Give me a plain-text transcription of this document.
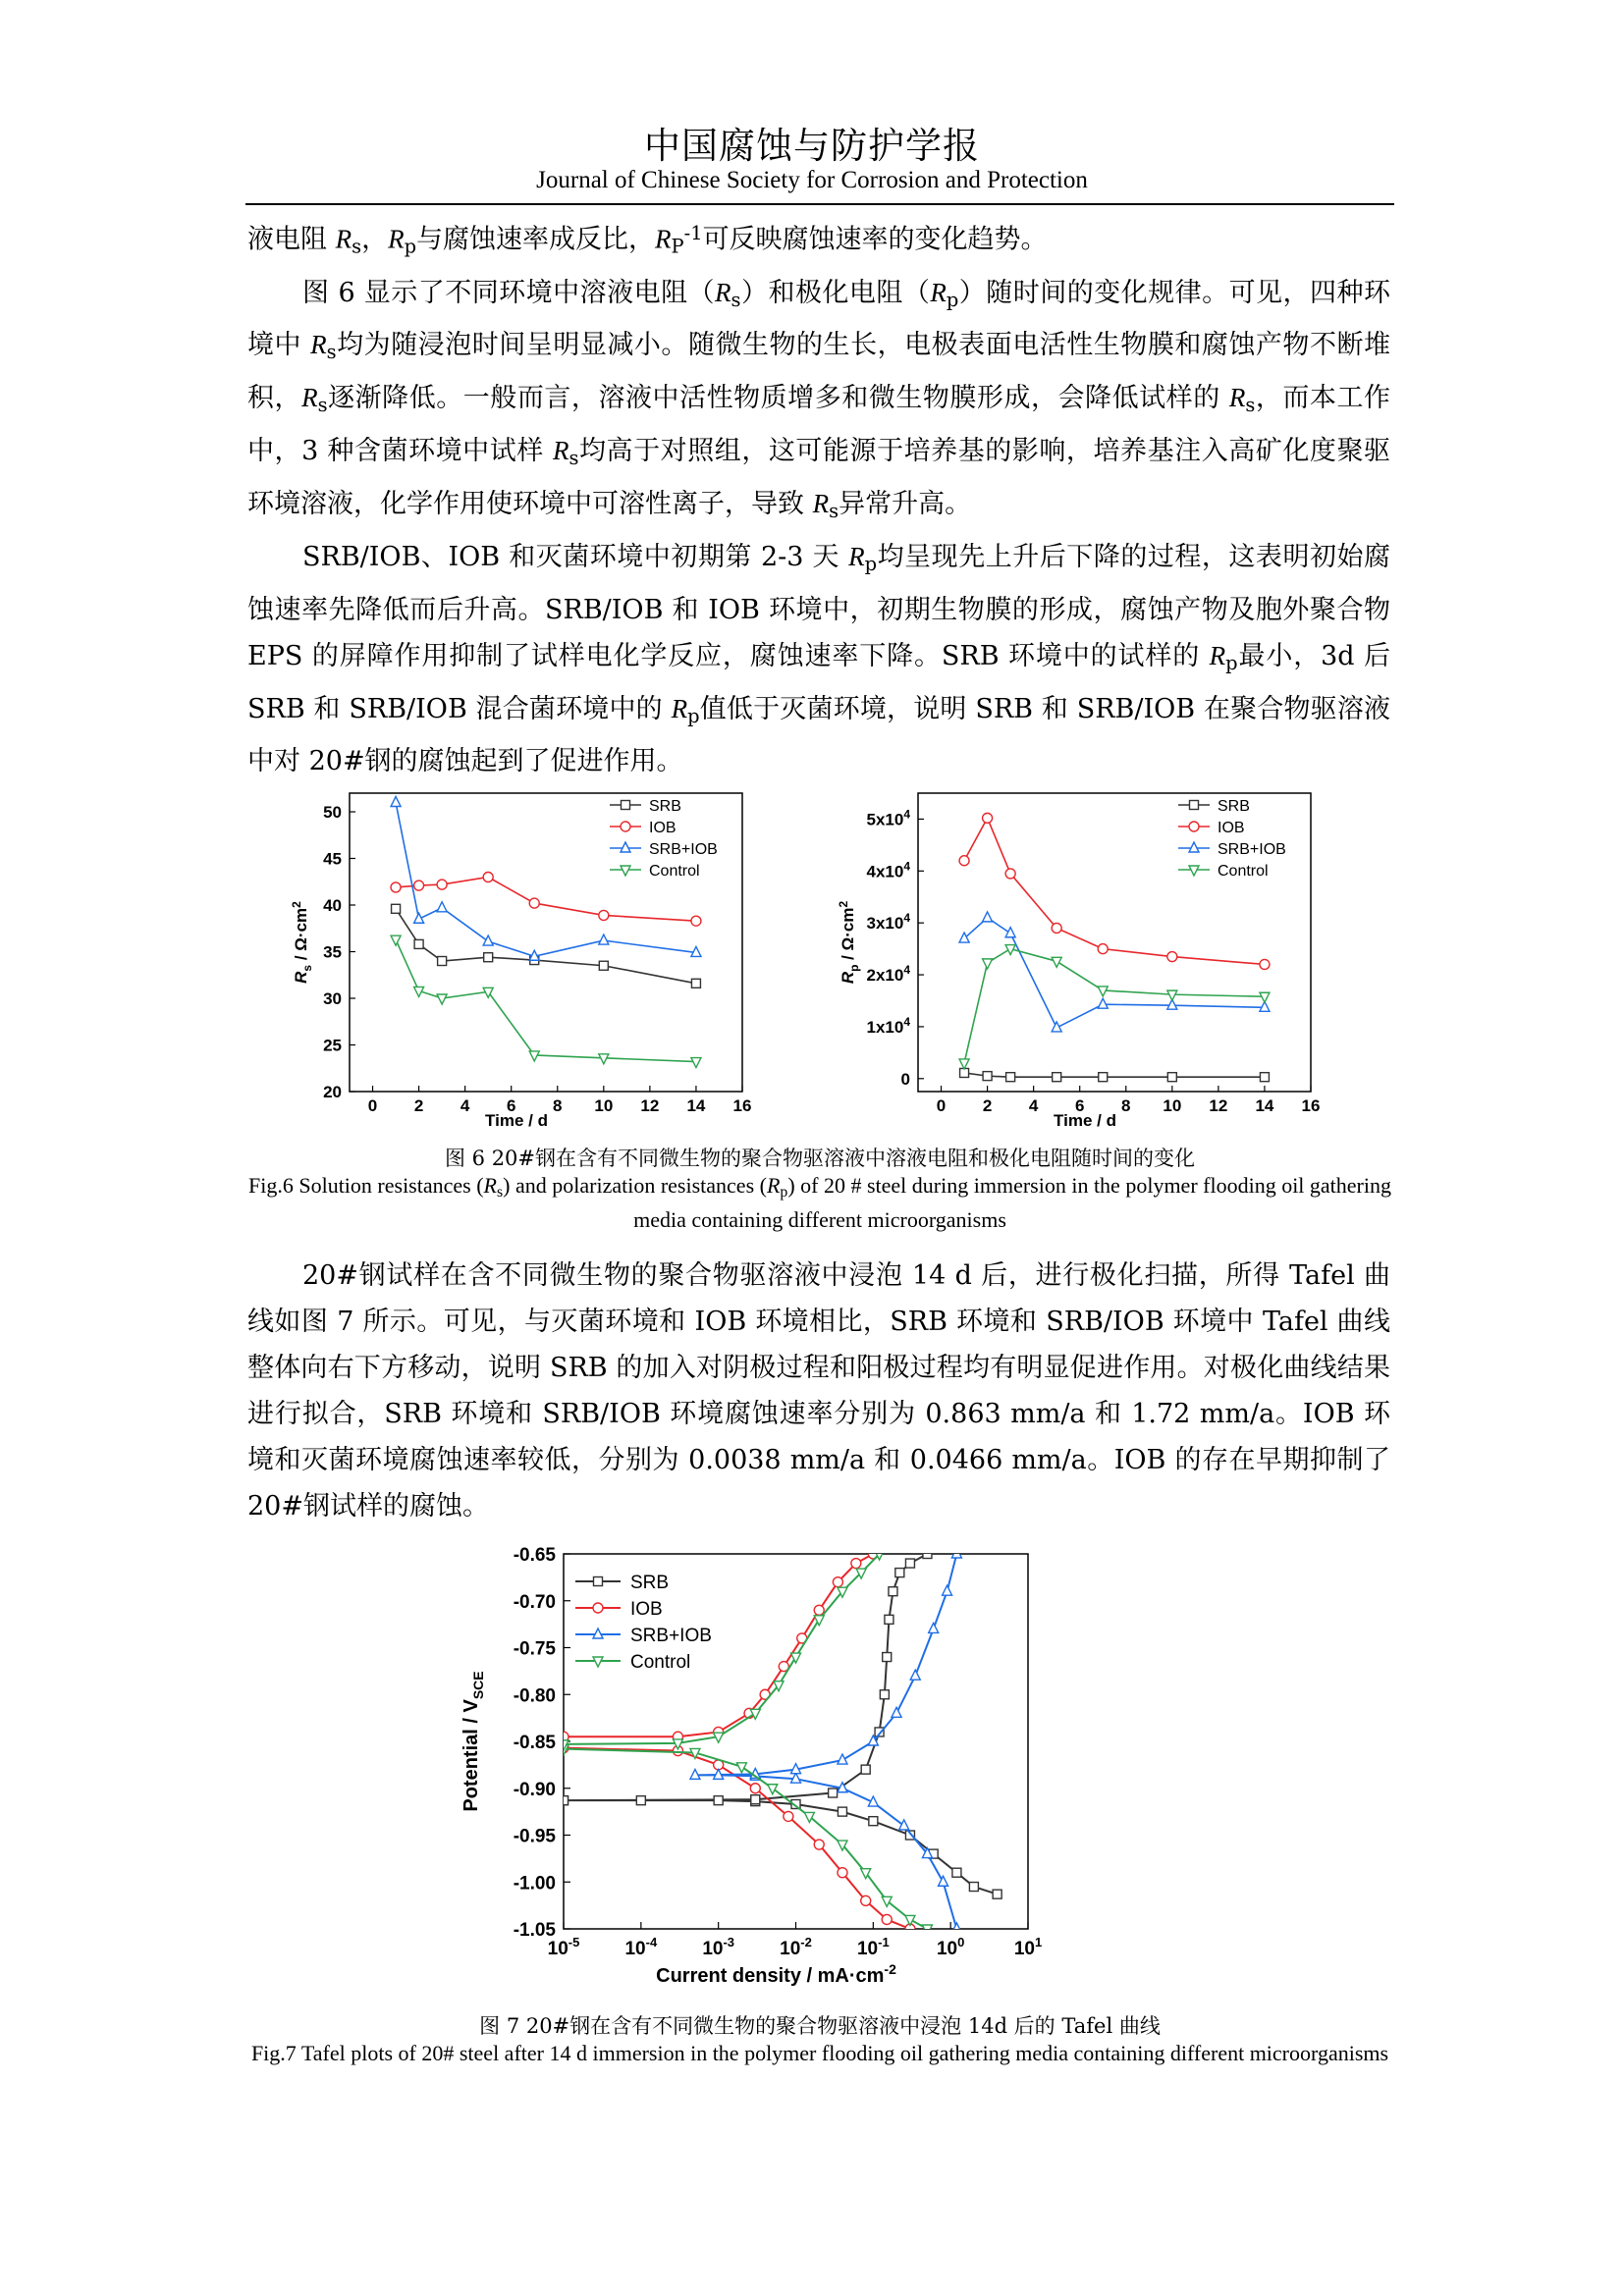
中国腐蚀与防护学报
Journal of Chinese Society for Corrosion and Protection

液电阻 $R_s$，$R_p$与腐蚀速率成反比，$R_P^{-1}$可反映腐蚀速率的变化趋势。

图 6 显示了不同环境中溶液电阻$(R_s)$和极化电阻$(R_p)$随时间的变化规律。可见，四种环境中 $R_s$均为随浸泡时间呈明显减小。随微生物的生长，电极表面电活性生物膜和腐蚀产物不断堆积，$R_s$逐渐降低。一般而言，溶液中活性物质增多和微生物膜形成，会降低试样的 $R_s$，而本工作中，3 种含菌环境中试样 $R_s$均高于对照组，这可能源于培养基的影响，培养基注入高矿化度聚驱环境溶液，化学作用使环境中可溶性离子，导致 $R_s$异常升高。

SRB/IOB、IOB 和灭菌环境中初期第 2-3 天 $R_p$均呈现先上升后下降的过程，这表明初始腐蚀速率先降低而后升高。SRB/IOB 和 IOB 环境中，初期生物膜的形成，腐蚀产物及胞外聚合物 EPS 的屏障作用抑制了试样电化学反应，腐蚀速率下降。SRB 环境中的试样的 $R_p$最小，3d 后 SRB 和 SRB/IOB 混合菌环境中的 $R_p$值低于灭菌环境，说明 SRB 和 SRB/IOB 在聚合物驱溶液中对 20#钢的腐蚀起到了促进作用。

0 2 4 6 8 10 12 14 16
20
25
30
35
40
45
50
Time / d
$R_s / \Omega\cdot cm^2$
SRB
IOB
SRB+IOB
Control
0 2 4 6 8 10 12 14 16
0
$1x10^4$
$2x10^4$
$3x10^4$
$4x10^4$
$5x10^4$
Time / d
$R_p / \Omega\cdot cm^2$
SRB
IOB
SRB+IOB
Control
图 6 20#钢在含有不同微生物的聚合物驱溶液中溶液电阻和极化电阻随时间的变化
Fig.6 Solution resistances $(R_s)$ and polarization resistances $(R_p)$ of 20 # steel during immersion in the polymer flooding oil gathering media containing different microorganisms

20#钢试样在含不同微生物的聚合物驱溶液中浸泡 14 d 后，进行极化扫描，所得 Tafel 曲线如图 7 所示。可见，与灭菌环境和 IOB 环境相比，SRB 环境和 SRB/IOB 环境中 Tafel 曲线整体向右下方移动，说明 SRB 的加入对阴极过程和阳极过程均有明显促进作用。对极化曲线结果进行拟合，SRB 环境和 SRB/IOB 环境腐蚀速率分别为 0.863 mm/a 和 1.72 mm/a。IOB 环境和灭菌环境腐蚀速率较低，分别为 0.0038 mm/a 和 0.0466 mm/a。IOB 的存在早期抑制了 20#钢试样的腐蚀。

$10^{-5}$ $10^{-4}$ $10^{-3}$ $10^{-2}$ $10^{-1}$	$10^0$	$10^1$
-0.65
-0.70
-0.75
-0.80
-0.85
-0.90
-0.95
-1.00
-1.05
Current density / $mA\cdot cm^{-2}$
Potential / $V_{SCE}$
SRB
IOB
SRB+IOB
Control
图 7 20#钢在含有不同微生物的聚合物驱溶液中浸泡 14d 后的 Tafel 曲线
Fig.7 Tafel plots of 20# steel after 14 d immersion in the polymer flooding oil gathering media containing different microorganisms
